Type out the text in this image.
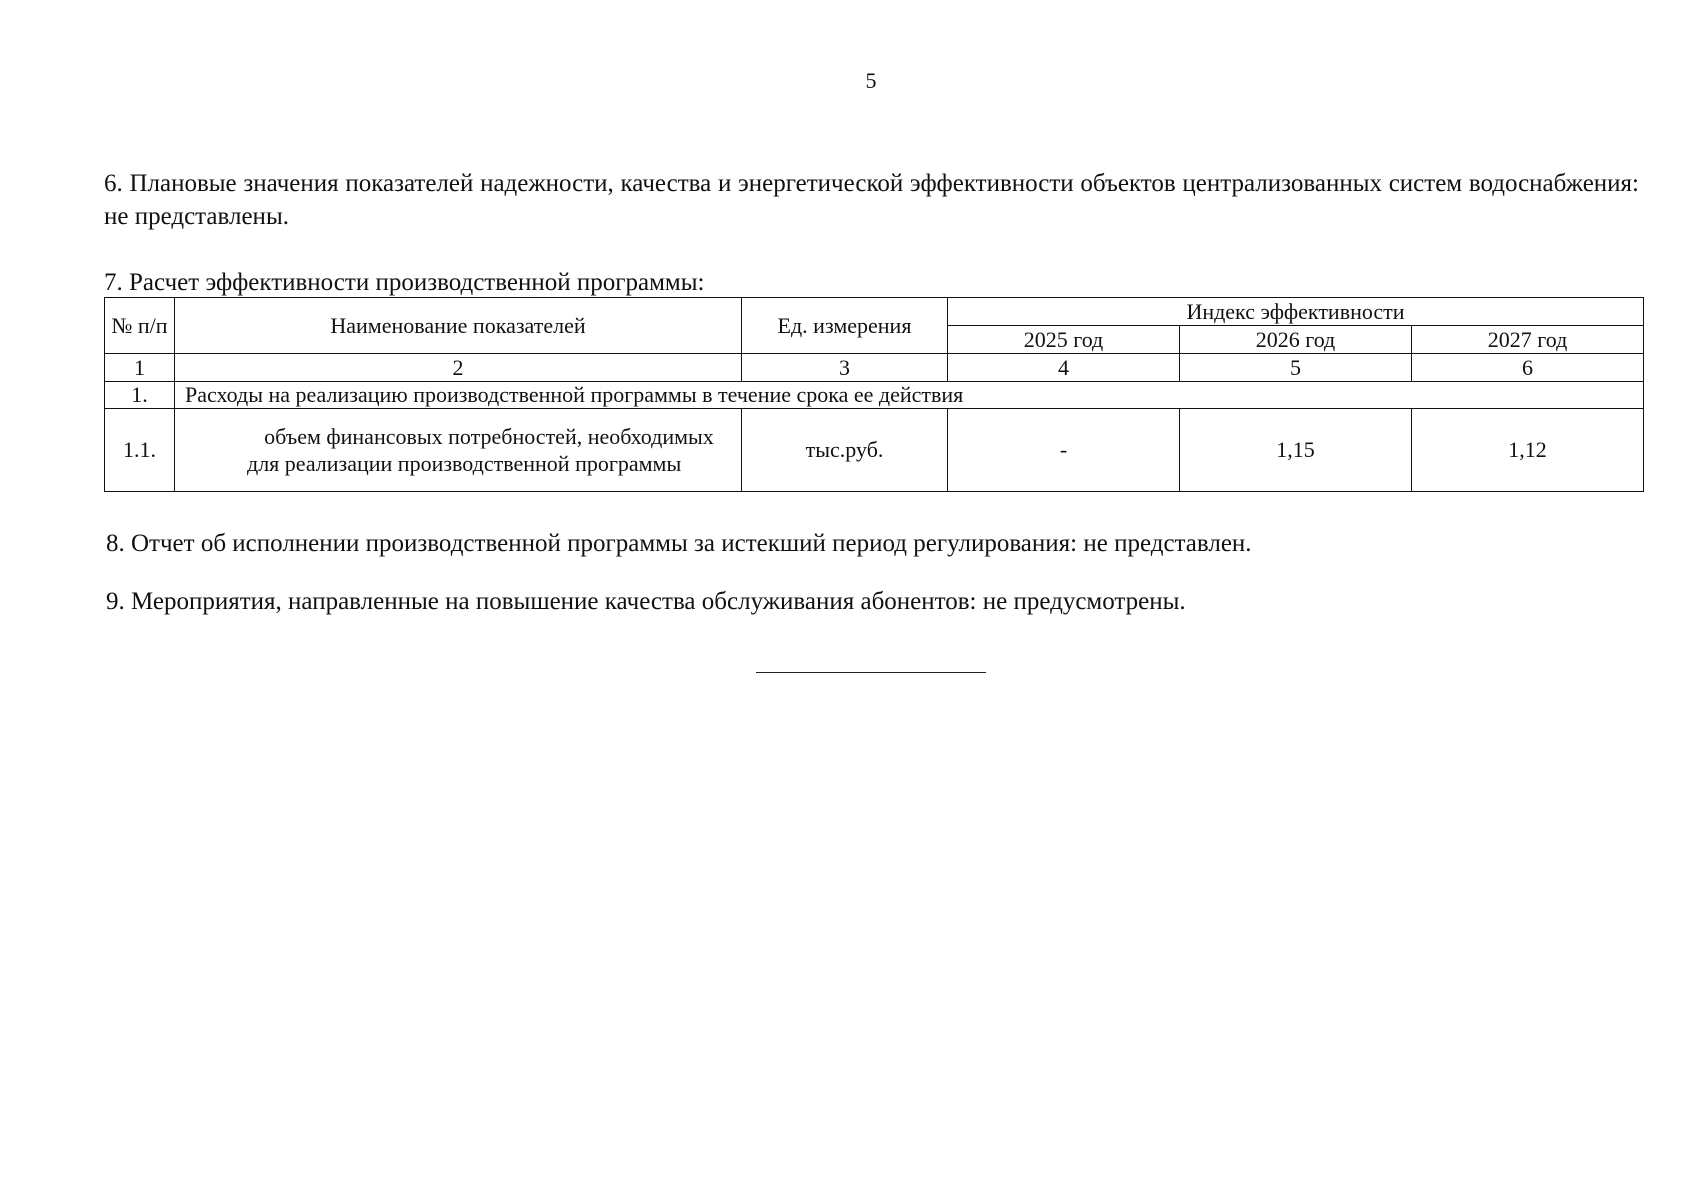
5
6. Плановые значения показателей надежности, качества и энергетической эффективности объектов централизованных систем водоснабжения: не представлены.
7. Расчет эффективности производственной программы:
№ п/п	Наименование показателей	Ед. измерения	Индекс эффективности		
			2025 год	2026 год	2027 год
1	2	3	4	5	6
1.	Расходы на реализацию производственной программы в течение срока ее действия				
1.1.	объем финансовых потребностей, необходимых для реализации производственной программы	тыс.руб.	-	1,15	1,12
8. Отчет об исполнении производственной программы за истекший период регулирования: не представлен.
9. Мероприятия, направленные на повышение качества обслуживания абонентов: не предусмотрены.
